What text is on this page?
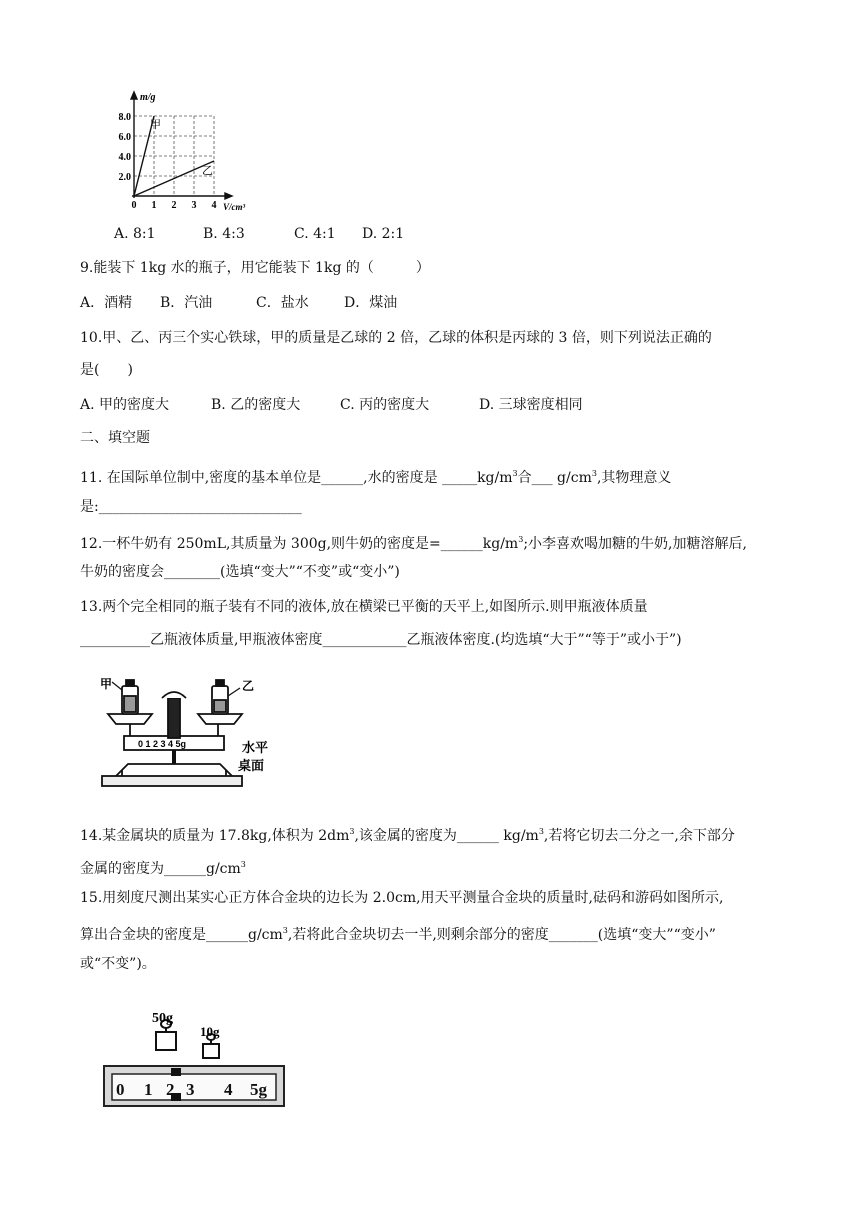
m/g
V/cm³
8.0
6.0
4.0
2.0
0 1 2 3 4
甲
乙
A. 8:1	B. 4:3	C. 4:1 D. 2:1
9.能装下 1kg 水的瓶子，用它能装下 1kg 的（　　　）
A．酒精 B．汽油	C．盐水	D．煤油
10.甲、乙、丙三个实心铁球，甲的质量是乙球的 2 倍，乙球的体积是丙球的 3 倍，则下列说法正确的
是(　　)
A. 甲的密度大	B. 乙的密度大	C. 丙的密度大	D. 三球密度相同
二、填空题
11. 在国际单位制中,密度的基本单位是______,水的密度是 $\_\_\_\_\_kg/m^3$合___ $g/cm^3$,其物理意义
是:_____________________________
12.一杯牛奶有 250mL,其质量为 300g,则牛奶的密度是$=\_\_\_\_\_\_kg/m^3$;小李喜欢喝加糖的牛奶,加糖溶解后,
牛奶的密度会________(选填“变大”“不变”或“变小”)
13.两个完全相同的瓶子装有不同的液体,放在横梁已平衡的天平上,如图所示.则甲瓶液体质量
__________乙瓶液体质量,甲瓶液体密度____________乙瓶液体密度.(均选填“大于”“等于”或小于”)
甲	乙
0 1 2 3 4 5g	水平
桌面
14.某金属块的质量为 17.8kg,体积为 $2dm^3$,该金属的密度为______ $kg/m^3$,若将它切去二分之一,余下部分
金属的密度为$\_\_\_\_\_\_g/cm^3$
15.用刻度尺测出某实心正方体合金块的边长为 2.0cm,用天平测量合金块的质量时,砝码和游码如图所示,
算出合金块的密度是$\_\_\_\_\_\_g/cm^3$,若将此合金块切去一半,则剩余部分的密度_______(选填“变大”“变小”
或“不变”)。
50g
10g
0 1 2 3 4 5g
